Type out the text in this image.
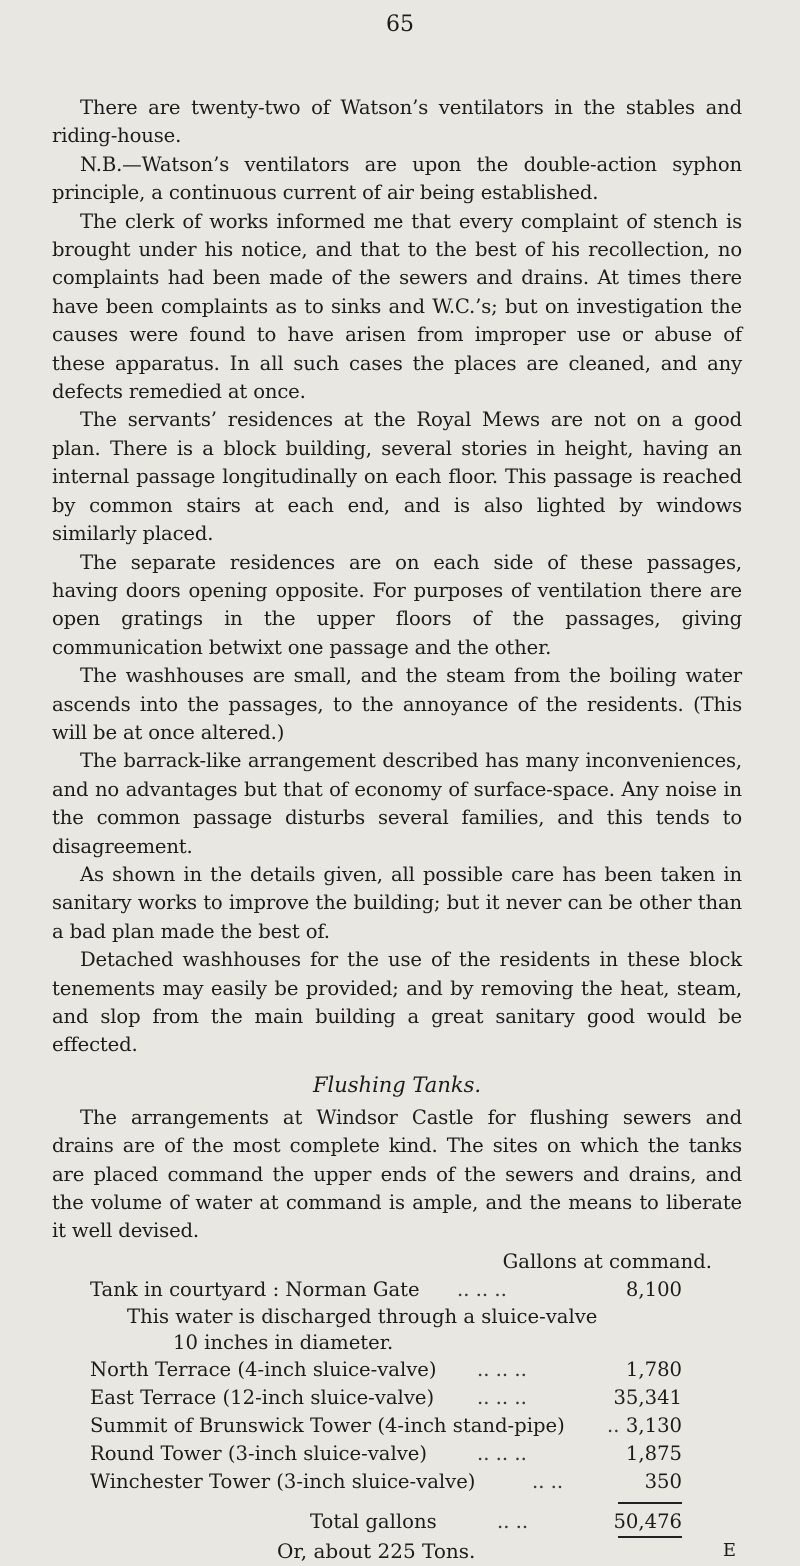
65

There are twenty-two of Watson’s ventilators in the stables and riding-house.

N.B.—Watson’s ventilators are upon the double-action syphon principle, a continuous current of air being established.

The clerk of works informed me that every complaint of stench is brought under his notice, and that to the best of his recollection, no complaints had been made of the sewers and drains. At times there have been complaints as to sinks and W.C.’s; but on investigation the causes were found to have arisen from improper use or abuse of these apparatus. In all such cases the places are cleaned, and any defects remedied at once.

The servants’ residences at the Royal Mews are not on a good plan. There is a block building, several stories in height, having an internal passage longitudinally on each floor. This passage is reached by common stairs at each end, and is also lighted by windows similarly placed.

The separate residences are on each side of these passages, having doors opening opposite. For purposes of ventilation there are open gratings in the upper floors of the passages, giving communication betwixt one passage and the other.

The washhouses are small, and the steam from the boiling water ascends into the passages, to the annoyance of the residents. (This will be at once altered.)

The barrack-like arrangement described has many inconveniences, and no advantages but that of economy of surface-space. Any noise in the common passage disturbs several families, and this tends to disagreement.

As shown in the details given, all possible care has been taken in sanitary works to improve the building; but it never can be other than a bad plan made the best of.

Detached washhouses for the use of the residents in these block tenements may easily be provided; and by removing the heat, steam, and slop from the main building a great sanitary good would be effected.

Flushing Tanks.

The arrangements at Windsor Castle for flushing sewers and drains are of the most complete kind. The sites on which the tanks are placed command the upper ends of the sewers and drains, and the volume of water at command is ample, and the means to liberate it well devised.

Gallons at command.
Tank in courtyard : Norman Gate .. .. ..	8,100
This water is discharged through a sluice-valve
10 inches in diameter.
North Terrace (4-inch sluice-valve) .. .. ..	1,780
East Terrace (12-inch sluice-valve) .. .. ..	35,341
Summit of Brunswick Tower (4-inch stand-pipe) .. 3,130
Round Tower (3-inch sluice-valve)	.. .. ..	1,875
Winchester Tower (3-inch sluice-valve)	.. ..	350
Total gallons	.. ..	50,476
Or, about 225 Tons.	E
